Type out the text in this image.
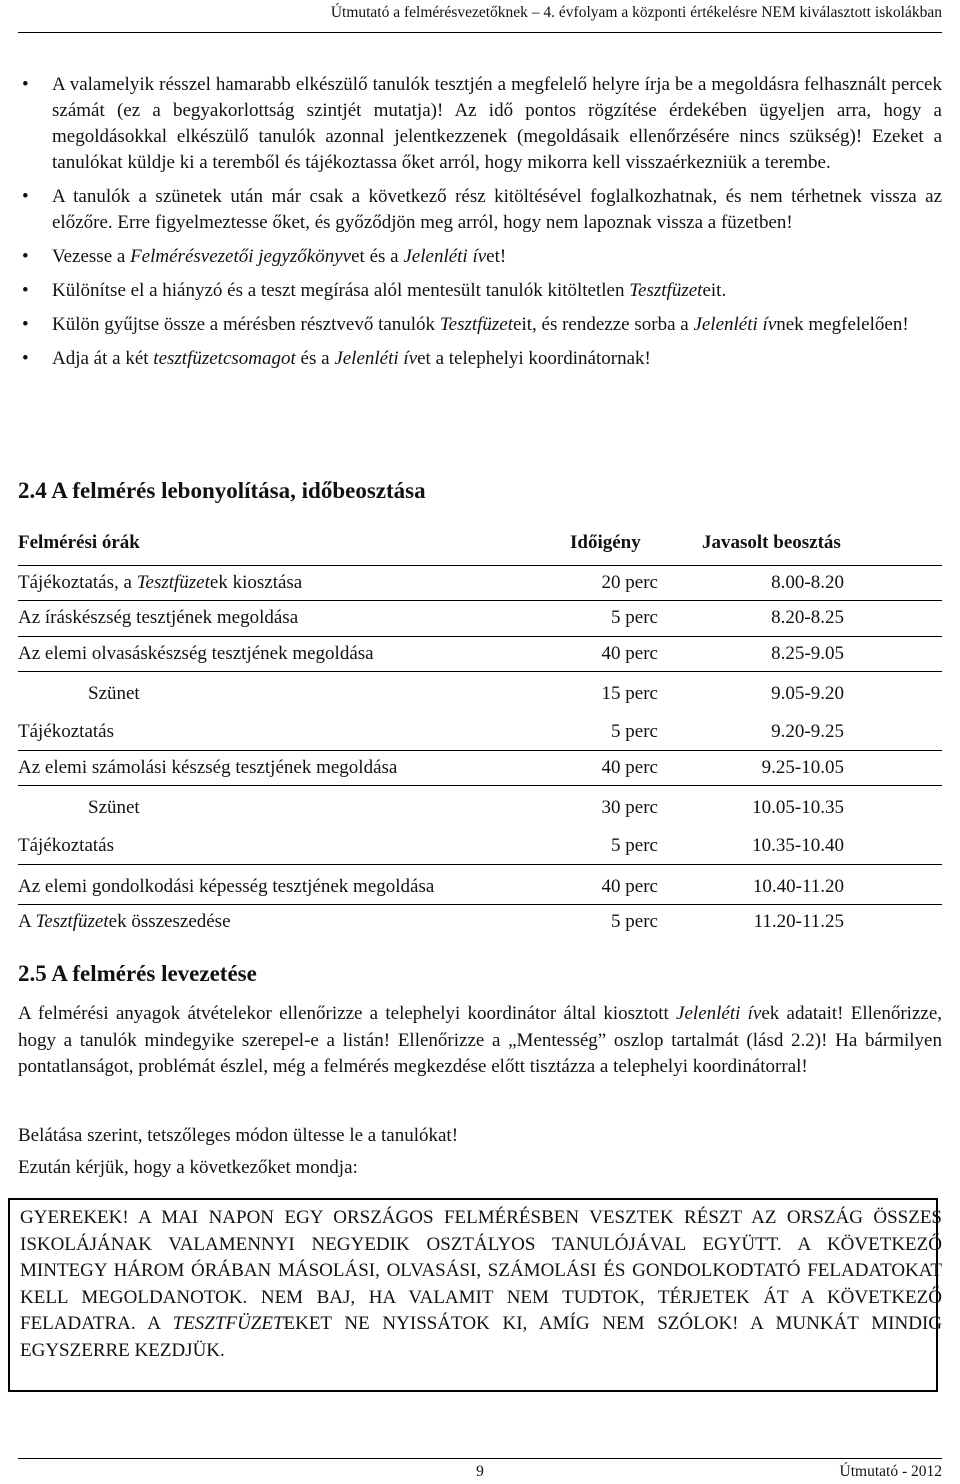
Útmutató a felmérésvezetőknek – 4. évfolyam a központi értékelésre NEM kiválasztott iskolákban
• A valamelyik résszel hamarabb elkészülő tanulók tesztjén a megfelelő helyre írja be a megoldásra felhasznált percek számát (ez a begyakorlottság szintjét mutatja)! Az idő pontos rögzítése érdekében ügyeljen arra, hogy a megoldásokkal elkészülő tanulók azonnal jelentkezzenek (megoldásaik ellenőrzésére nincs szükség)! Ezeket a tanulókat küldje ki a teremből és tájékoztassa őket arról, hogy mikorra kell visszaérkezniük a terembe.
• A tanulók a szünetek után már csak a következő rész kitöltésével foglalkozhatnak, és nem térhetnek vissza az előzőre. Erre figyelmeztesse őket, és győződjön meg arról, hogy nem lapoznak vissza a füzetben!
• Vezesse a Felmérésvezetői jegyzőkönyvet és a Jelenléti ívet!
• Különítse el a hiányzó és a teszt megírása alól mentesült tanulók kitöltetlen Tesztfüzeteit.
• Külön gyűjtse össze a mérésben résztvevő tanulók Tesztfüzeteit, és rendezze sorba a Jelenléti ívnek megfelelően!
• Adja át a két tesztfüzetcsomagot és a Jelenléti ívet a telephelyi koordinátornak!
2.4 A felmérés lebonyolítása, időbeosztása
Felmérési órák	Időigény	Javasolt beosztás
Tájékoztatás, a Tesztfüzetek kiosztása	20 perc	8.00-8.20
Az íráskészség tesztjének megoldása	5 perc	8.20-8.25
Az elemi olvasáskészség tesztjének megoldása	40 perc	8.25-9.05
Szünet	15 perc	9.05-9.20
Tájékoztatás	5 perc	9.20-9.25
Az elemi számolási készség tesztjének megoldása	40 perc	9.25-10.05
Szünet	30 perc	10.05-10.35
Tájékoztatás	5 perc	10.35-10.40
Az elemi gondolkodási képesség tesztjének megoldása	40 perc	10.40-11.20
A Tesztfüzetek összeszedése	5 perc	11.20-11.25
2.5 A felmérés levezetése

A felmérési anyagok átvételekor ellenőrizze a telephelyi koordinátor által kiosztott Jelenléti ívek adatait! Ellenőrizze, hogy a tanulók mindegyike szerepel-e a listán! Ellenőrizze a „Mentesség” oszlop tartalmát (lásd 2.2)! Ha bármilyen pontatlanságot, problémát észlel, még a felmérés megkezdése előtt tisztázza a telephelyi koordinátorral!

Belátása szerint, tetszőleges módon ültesse le a tanulókat!

Ezután kérjük, hogy a következőket mondja:

GYEREKEK! A MAI NAPON EGY ORSZÁGOS FELMÉRÉSBEN VESZTEK RÉSZT AZ ORSZÁG ÖSSZES ISKOLÁJÁNAK VALAMENNYI NEGYEDIK OSZTÁLYOS TANULÓJÁVAL EGYÜTT. A KÖVETKEZŐ MINTEGY HÁROM ÓRÁBAN MÁSOLÁSI, OLVASÁSI, SZÁMOLÁSI ÉS GONDOLKODTATÓ FELADATOKAT KELL MEGOLDANOTOK. NEM BAJ, HA VALAMIT NEM TUDTOK, TÉRJETEK ÁT A KÖVETKEZŐ FELADATRA. A TESZTFÜZETEKET NE NYISSÁTOK KI, AMÍG NEM SZÓLOK! A MUNKÁT MINDIG EGYSZERRE KEZDJÜK.

9	Útmutató - 2012
